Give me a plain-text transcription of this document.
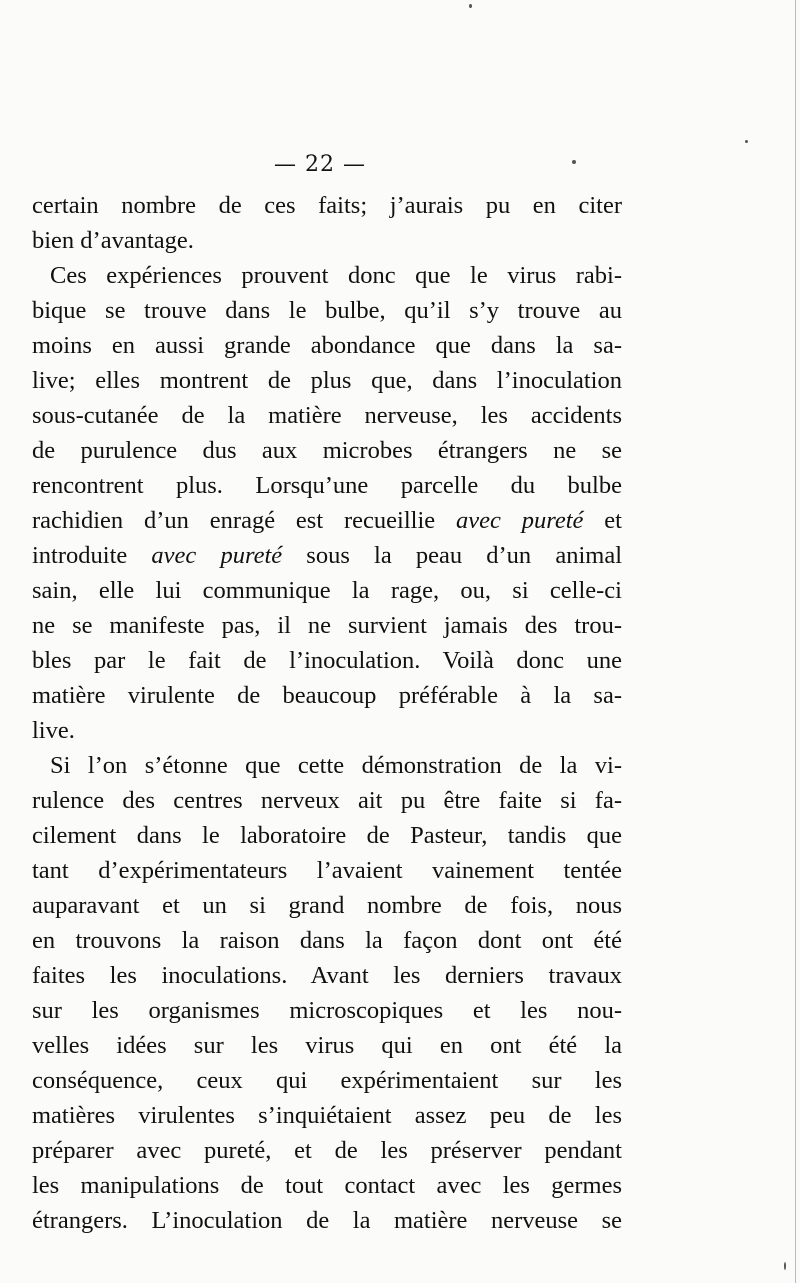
— 22 —
certain nombre de ces faits; j’aurais pu en citer
bien d’avantage.
Ces expériences prouvent donc que le virus rabi-
bique se trouve dans le bulbe, qu’il s’y trouve au
moins en aussi grande abondance que dans la sa-
live; elles montrent de plus que, dans l’inoculation
sous-cutanée de la matière nerveuse, les accidents
de purulence dus aux microbes étrangers ne se
rencontrent plus. Lorsqu’une parcelle du bulbe
rachidien d’un enragé est recueillie avec pureté et
introduite avec pureté sous la peau d’un animal
sain, elle lui communique la rage, ou, si celle-ci
ne se manifeste pas, il ne survient jamais des trou-
bles par le fait de l’inoculation. Voilà donc une
matière virulente de beaucoup préférable à la sa-
live.
Si l’on s’étonne que cette démonstration de la vi-
rulence des centres nerveux ait pu être faite si fa-
cilement dans le laboratoire de Pasteur, tandis que
tant d’expérimentateurs l’avaient vainement tentée
auparavant et un si grand nombre de fois, nous
en trouvons la raison dans la façon dont ont été
faites les inoculations. Avant les derniers travaux
sur les organismes microscopiques et les nou-
velles idées sur les virus qui en ont été la
conséquence, ceux qui expérimentaient sur les
matières virulentes s’inquiétaient assez peu de les
préparer avec pureté, et de les préserver pendant
les manipulations de tout contact avec les germes
étrangers. L’inoculation de la matière nerveuse se
